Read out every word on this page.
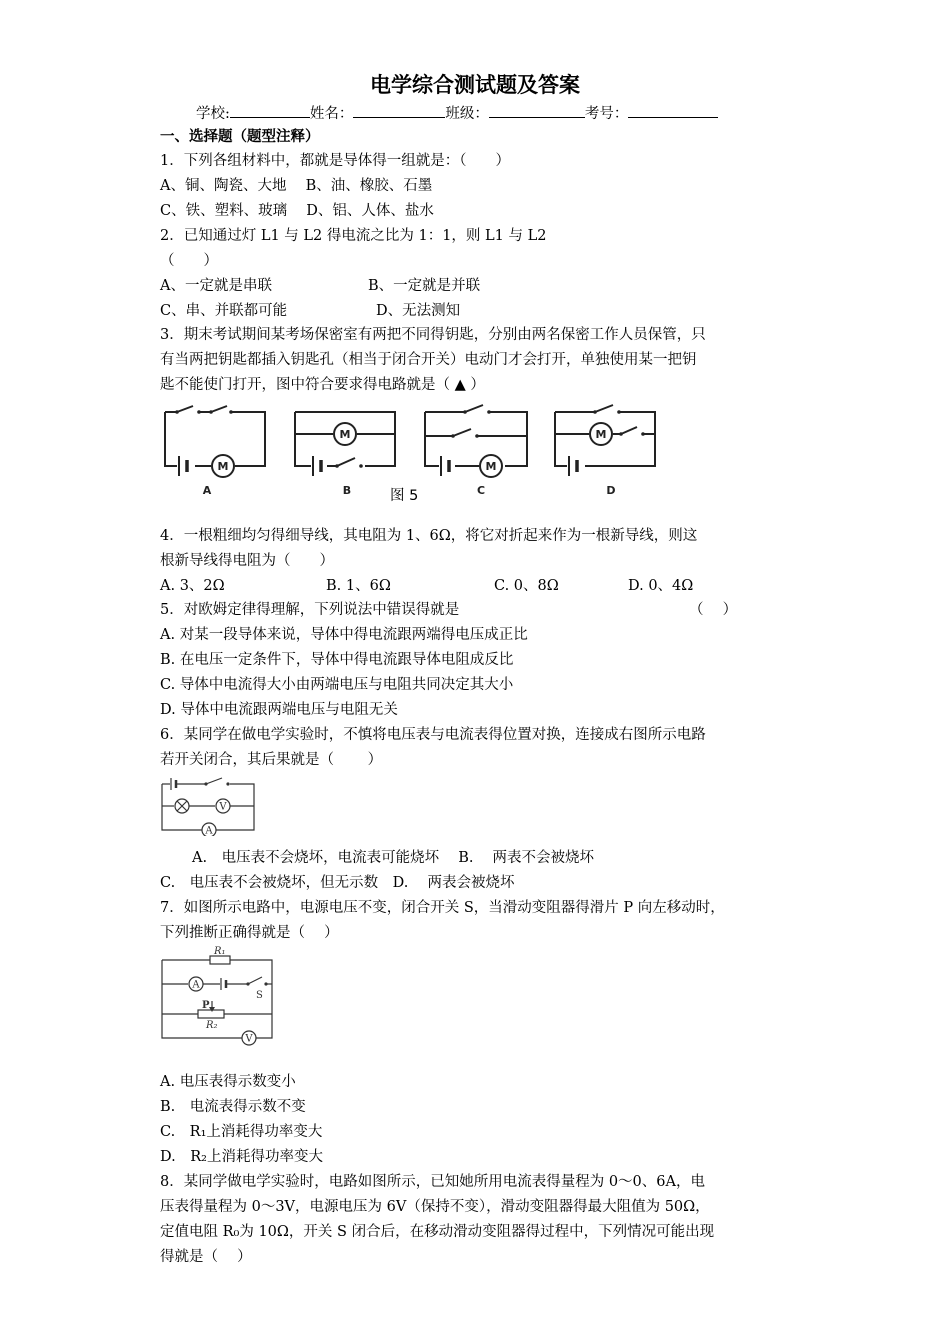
电学综合测试题及答案
学校:	姓名：	班级：	考号：
一、选择题（题型注释）
1．下列各组材料中，都就是导体得一组就是：（　　）
A、铜、陶瓷、大地　 B、油、橡胶、石墨
C、铁、塑料、玻璃　 D、铝、人体、盐水
2．已知通过灯 L1 与 L2 得电流之比为 1：1，则 L1 与 L2
（　　）
A、一定就是串联	B、一定就是并联
C、串、并联都可能	D、无法测知
3．期末考试期间某考场保密室有两把不同得钥匙，分别由两名保密工作人员保管，只
有当两把钥匙都插入钥匙孔（相当于闭合开关）电动门才会打开，单独使用某一把钥
匙不能使门打开，图中符合要求得电路就是（ ▲ ）
M
A
M
B
M
C
M
D
图 5
4．一根粗细均匀得细导线，其电阻为 1、6Ω，将它对折起来作为一根新导线，则这
根新导线得电阻为（　　）
A. 3、2Ω	B. 1、6Ω	C. 0、8Ω	D. 0、4Ω
5．对欧姆定律得理解，下列说法中错误得就是	（　 ）
A. 对某一段导体来说，导体中得电流跟两端得电压成正比
B. 在电压一定条件下，导体中得电流跟导体电阻成反比
C. 导体中电流得大小由两端电压与电阻共同决定其大小
D. 导体中电流跟两端电压与电阻无关
6．某同学在做电学实验时，不慎将电压表与电流表得位置对换，连接成右图所示电路
若开关闭合，其后果就是（　　 ）
V
A
A.　电压表不会烧坏，电流表可能烧坏　 B.　 两表不会被烧坏
C.　电压表不会被烧坏，但无示数　D.　 两表会被烧坏
7．如图所示电路中，电源电压不变，闭合开关 S，当滑动变阻器得滑片 P 向左移动时，
下列推断正确得就是（　 ）
R₁
A
S
P
R₂
V
A. 电压表得示数变小
B.　电流表得示数不变
C.　R₁上消耗得功率变大
D.　R₂上消耗得功率变大
8．某同学做电学实验时，电路如图所示，已知她所用电流表得量程为 0～0、6A，电
压表得量程为 0～3V，电源电压为 6V（保持不变），滑动变阻器得最大阻值为 50Ω，
定值电阻 R₀为 10Ω，开关 S 闭合后，在移动滑动变阻器得过程中，下列情况可能出现
得就是（　 ）
